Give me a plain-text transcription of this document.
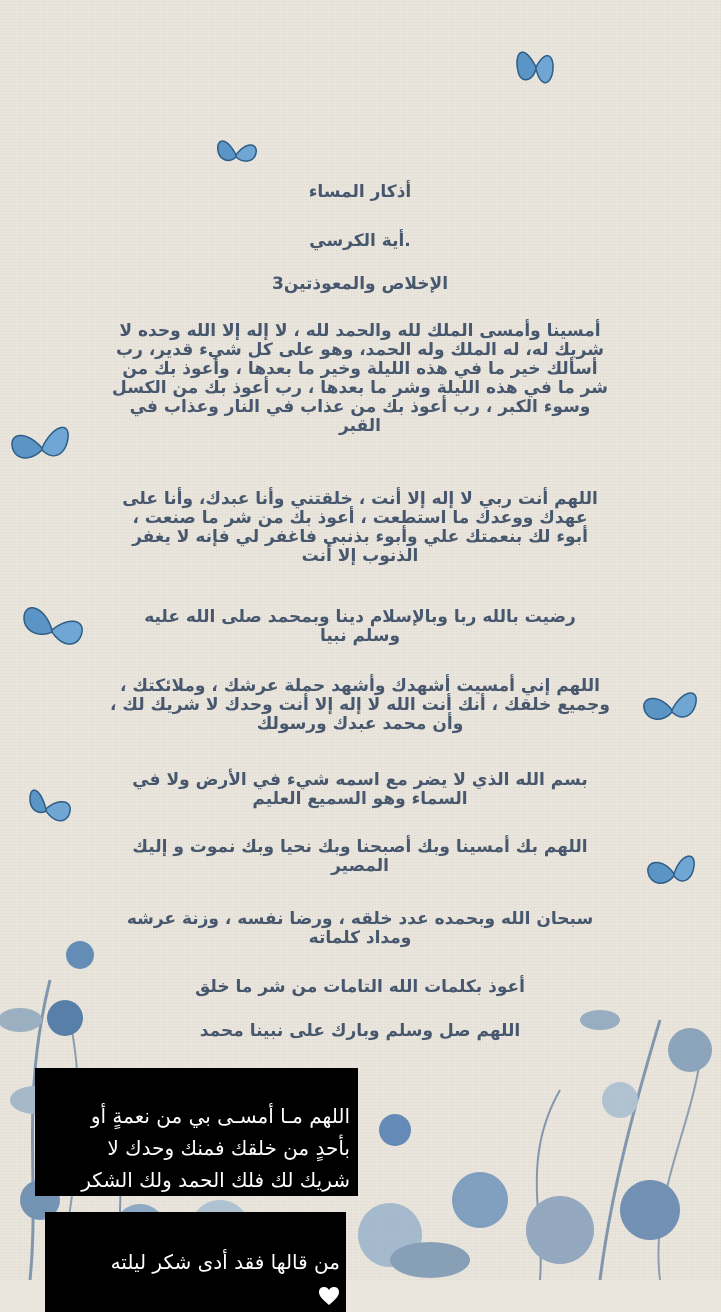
أذكار المساء
.أية الكرسي
الإخلاص والمعوذتين3
أمسينا وأمسى الملك لله والحمد لله ، لا إله إلا الله وحده لا
شريك له، له الملك وله الحمد، وهو على كل شيء قدير، رب
أسألك خير ما في هذه الليلة وخير ما بعدها ، وأعوذ بك من
شر ما في هذه الليلة وشر ما بعدها ، رب أعوذ بك من الكسل
وسوء الكبر ، رب أعوذ بك من عذاب في النار وعذاب في
القبر
اللهم أنت ربي لا إله إلا أنت ، خلقتني وأنا عبدك، وأنا على
عهدك ووعدك ما استطعت ، أعوذ بك من شر ما صنعت ،
أبوء لك بنعمتك علي وأبوء بذنبي فاغفر لي فإنه لا يغفر
الذنوب إلا أنت
رضيت بالله ربا وبالإسلام دينا وبمحمد صلى الله عليه
وسلم نبيا
اللهم إني أمسيت أشهدك وأشهد حملة عرشك ، وملائكتك ،
وجميع خلقك ، أنك أنت الله لا إله إلا أنت وحدك لا شريك لك ،
وأن محمد عبدك ورسولك
بسم الله الذي لا يضر مع اسمه شيء في الأرض ولا في
السماء وهو السميع العليم
اللهم بك أمسينا وبك أصبحنا وبك نحيا وبك نموت و إليك
المصير
سبحان الله وبحمده عدد خلقه ، ورضا نفسه ، وزنة عرشه
ومداد كلماته
أعوذ بكلمات الله التامات من شر ما خلق
اللهم صل وسلم وبارك على نبينا محمد

اللهم مـا أمسـى بي من نعمةٍ أو
بأحدٍ من خلقك فمنك وحدك لا
شريك لك فلك الحمد ولك الشكر

من قالها فقد أدى شكر ليلته
